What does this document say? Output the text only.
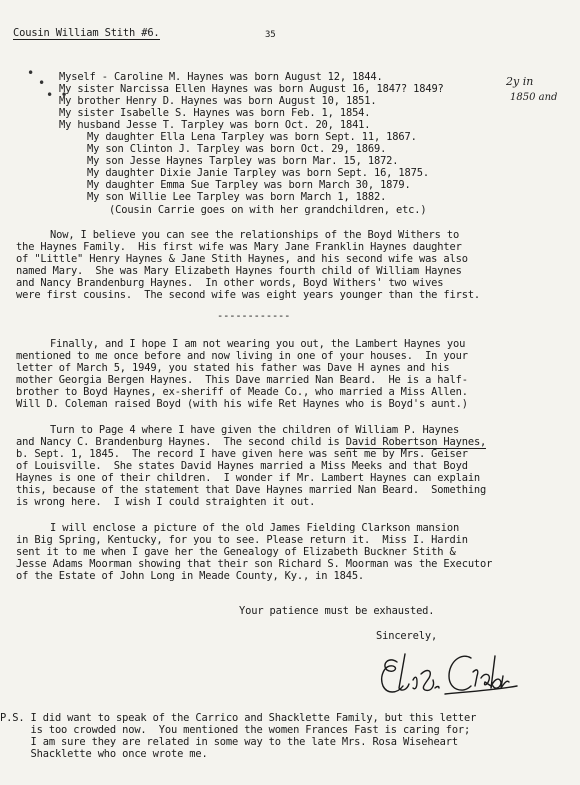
Cousin William Stith #6.	35
•
•
• •
Myself - Caroline M. Haynes was born August 12, 1844.
My sister Narcissa Ellen Haynes was born August 16, 1847? 1849?
My brother Henry D. Haynes was born August 10, 1851.
My sister Isabelle S. Haynes was born Feb. 1, 1854.
My husband Jesse T. Tarpley was born Oct. 20, 1841.
My daughter Ella Lena Tarpley was born Sept. 11, 1867.
My son Clinton J. Tarpley was born Oct. 29, 1869.
My son Jesse Haynes Tarpley was born Mar. 15, 1872.
My daughter Dixie Janie Tarpley was born Sept. 16, 1875.
My daughter Emma Sue Tarpley was born March 30, 1879.
My son Willie Lee Tarpley was born March 1, 1882.
(Cousin Carrie goes on with her grandchildren, etc.)
2y in
1850 and
Now, I believe you can see the relationships of the Boyd Withers to
the Haynes Family.  His first wife was Mary Jane Franklin Haynes daughter
of "Little" Henry Haynes & Jane Stith Haynes, and his second wife was also
named Mary.  She was Mary Elizabeth Haynes fourth child of William Haynes
and Nancy Brandenburg Haynes.  In other words, Boyd Withers' two wives
were first cousins.  The second wife was eight years younger than the first.
------------
Finally, and I hope I am not wearing you out, the Lambert Haynes you
mentioned to me once before and now living in one of your houses.  In your
letter of March 5, 1949, you stated his father was Dave H aynes and his
mother Georgia Bergen Haynes.  This Dave married Nan Beard.  He is a half-
brother to Boyd Haynes, ex-sheriff of Meade Co., who married a Miss Allen.
Will D. Coleman raised Boyd (with his wife Ret Haynes who is Boyd's aunt.)
Turn to Page 4 where I have given the children of William P. Haynes
and Nancy C. Brandenburg Haynes.  The second child is David Robertson Haynes,
b. Sept. 1, 1845.  The record I have given here was sent me by Mrs. Geiser
of Louisville.  She states David Haynes married a Miss Meeks and that Boyd
Haynes is one of their children.  I wonder if Mr. Lambert Haynes can explain
this, because of the statement that Dave Haynes married Nan Beard.  Something
is wrong here.  I wish I could straighten it out.
I will enclose a picture of the old James Fielding Clarkson mansion
in Big Spring, Kentucky, for you to see. Please return it.  Miss I. Hardin
sent it to me when I gave her the Genealogy of Elizabeth Buckner Stith &
Jesse Adams Moorman showing that their son Richard S. Moorman was the Executor
of the Estate of John Long in Meade County, Ky., in 1845.
Your patience must be exhausted.
Sincerely,
P.S. I did want to speak of the Carrico and Shacklette Family, but this letter
is too crowded now.  You mentioned the women Frances Fast is caring for;
I am sure they are related in some way to the late Mrs. Rosa Wiseheart
Shacklette who once wrote me.
